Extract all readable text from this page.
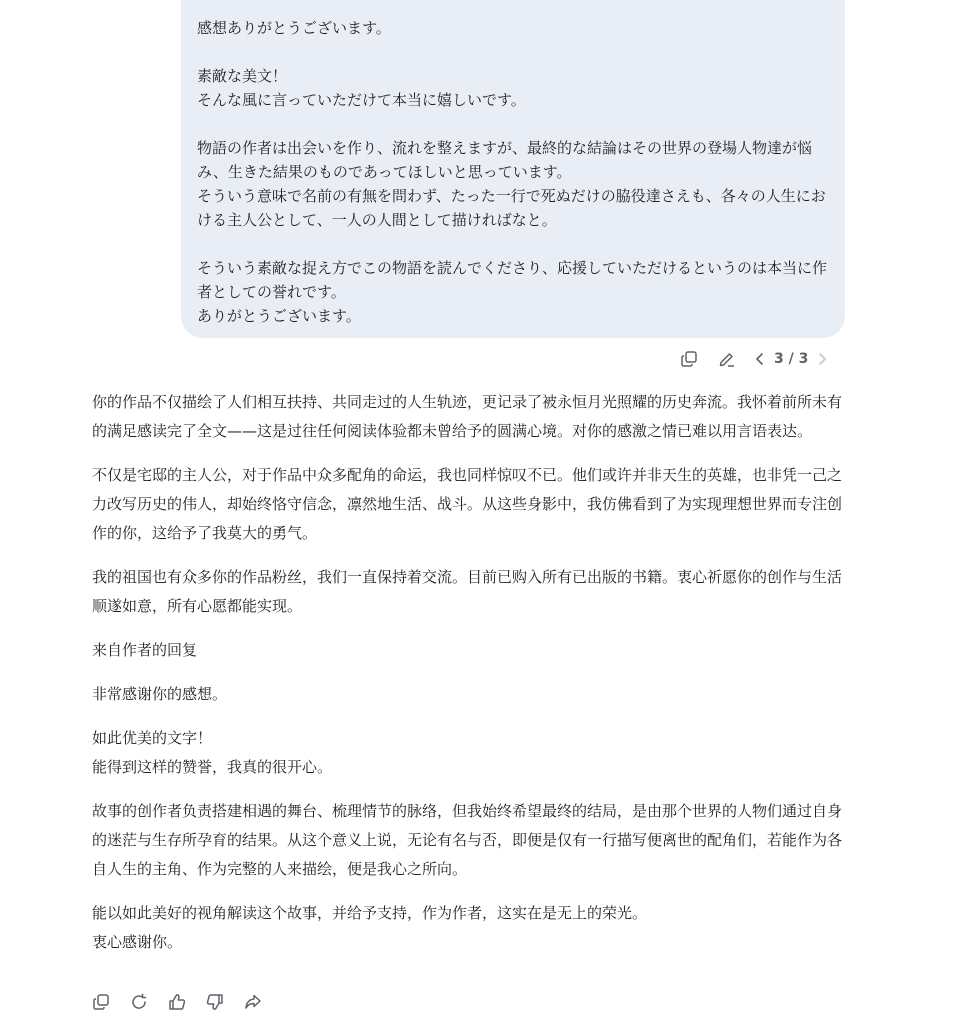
感想ありがとうございます。

素敵な美文！
そんな風に言っていただけて本当に嬉しいです。

物語の作者は出会いを作り、流れを整えますが、最終的な結論はその世界の登場人物達が悩み、生きた結果のものであってほしいと思っています。
そういう意味で名前の有無を問わず、たった一行で死ぬだけの脇役達さえも、各々の人生における主人公として、一人の人間として描ければなと。

そういう素敵な捉え方でこの物語を読んでくださり、応援していただけるというのは本当に作者としての誉れです。
ありがとうございます。

3 / 3

你的作品不仅描绘了人们相互扶持、共同走过的人生轨迹，更记录了被永恒月光照耀的历史奔流。我怀着前所未有的满足感读完了全文——这是过往任何阅读体验都未曾给予的圆满心境。对你的感激之情已难以用言语表达。

不仅是宅邸的主人公，对于作品中众多配角的命运，我也同样惊叹不已。他们或许并非天生的英雄，也非凭一己之力改写历史的伟人，却始终恪守信念，凛然地生活、战斗。从这些身影中，我仿佛看到了为实现理想世界而专注创作的你，这给予了我莫大的勇气。

我的祖国也有众多你的作品粉丝，我们一直保持着交流。目前已购入所有已出版的书籍。衷心祈愿你的创作与生活顺遂如意，所有心愿都能实现。

来自作者的回复

非常感谢你的感想。

如此优美的文字！
能得到这样的赞誉，我真的很开心。

故事的创作者负责搭建相遇的舞台、梳理情节的脉络，但我始终希望最终的结局，是由那个世界的人物们通过自身的迷茫与生存所孕育的结果。从这个意义上说，无论有名与否，即便是仅有一行描写便离世的配角们，若能作为各自人生的主角、作为完整的人来描绘，便是我心之所向。

能以如此美好的视角解读这个故事，并给予支持，作为作者，这实在是无上的荣光。
衷心感谢你。
